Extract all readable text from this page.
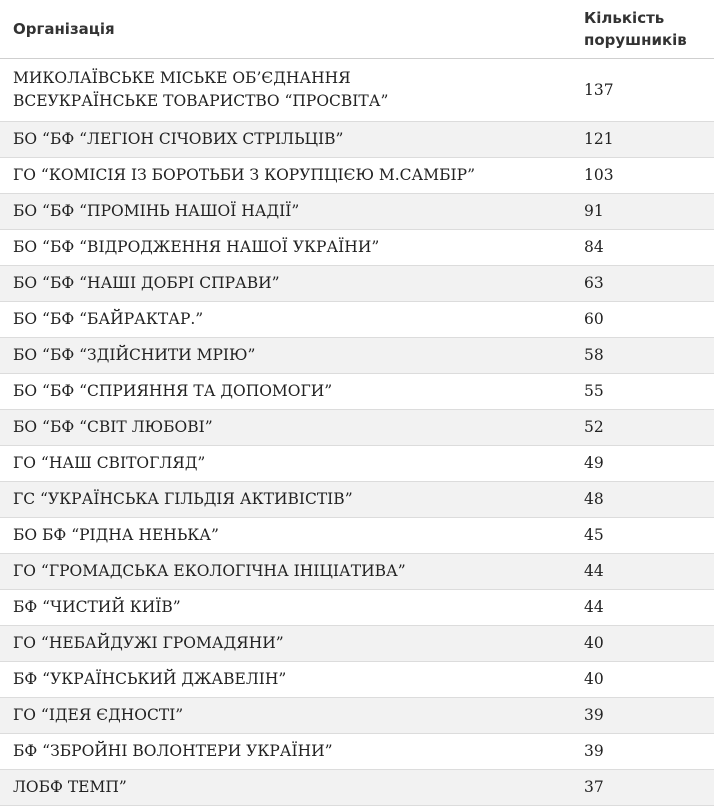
Організація	Кількість
порушників
МИКОЛАЇВСЬКЕ МІСЬКЕ ОБ’ЄДНАННЯ
ВСЕУКРАЇНСЬКЕ ТОВАРИСТВО “ПРОСВІТА”	137
БО “БФ “ЛЕГІОН СІЧОВИХ СТРІЛЬЦІВ”	121
ГО “КОМІСІЯ ІЗ БОРОТЬБИ З КОРУПЦІЄЮ М.САМБІР”	103
БО “БФ “ПРОМІНЬ НАШОЇ НАДІЇ”	91
БО “БФ “ВІДРОДЖЕННЯ НАШОЇ УКРАЇНИ”	84
БО “БФ “НАШІ ДОБРІ СПРАВИ”	63
БО “БФ “БАЙРАКТАР.”	60
БО “БФ “ЗДІЙСНИТИ МРІЮ”	58
БО “БФ “СПРИЯННЯ ТА ДОПОМОГИ”	55
БО “БФ “СВІТ ЛЮБОВІ”	52
ГО “НАШ СВІТОГЛЯД”	49
ГС “УКРАЇНСЬКА ГІЛЬДІЯ АКТИВІСТІВ”	48
БО БФ “РІДНА НЕНЬКА”	45
ГО “ГРОМАДСЬКА ЕКОЛОГІЧНА ІНІЦІАТИВА”	44
БФ “ЧИСТИЙ КИЇВ”	44
ГО “НЕБАЙДУЖІ ГРОМАДЯНИ”	40
БФ “УКРАЇНСЬКИЙ ДЖАВЕЛІН”	40
ГО “ІДЕЯ ЄДНОСТІ”	39
БФ “ЗБРОЙНІ ВОЛОНТЕРИ УКРАЇНИ”	39
ЛОБФ ТЕМП”	37
